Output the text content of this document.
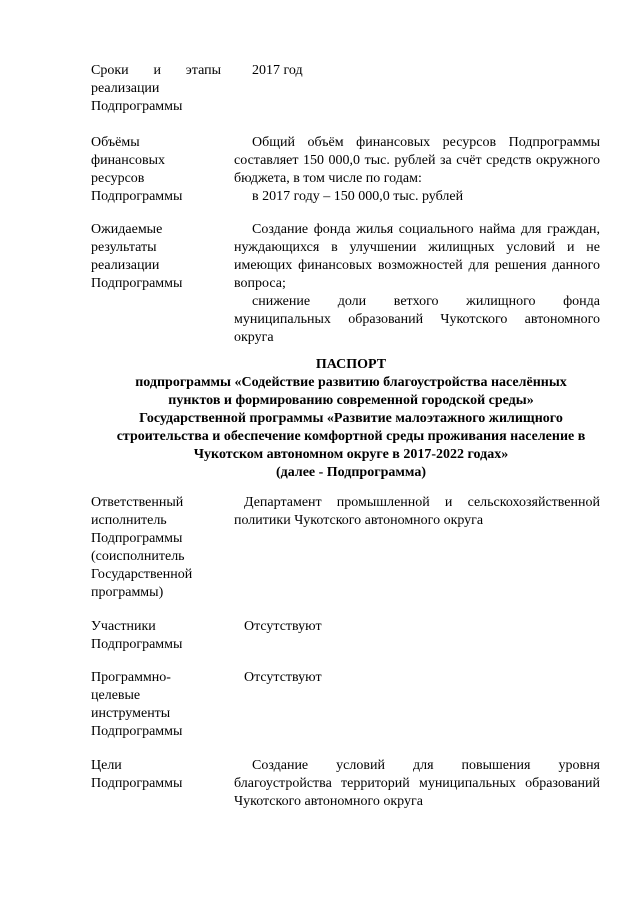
Сроки и этапы
реализации
Подпрограммы

2017 год

Объёмы
финансовых
ресурсов
Подпрограммы

Общий объём финансовых ресурсов Подпрограммы составляет 150 000,0 тыс. рублей за счёт средств окружного бюджета, в том числе по годам:

в 2017 году – 150 000,0 тыс. рублей

Ожидаемые
результаты
реализации
Подпрограммы

Создание фонда жилья социального найма для граждан, нуждающихся в улучшении жилищных условий и не имеющих финансовых возможностей для решения данного вопроса;

снижение доли ветхого жилищного фонда муниципальных образований Чукотского автономного округа

ПАСПОРТ
подпрограммы «Содействие развитию благоустройства населённых
пунктов и формированию современной городской среды»
Государственной программы «Развитие малоэтажного жилищного
строительства и обеспечение комфортной среды проживания население в
Чукотском автономном округе в 2017-2022 годах»
(далее - Подпрограмма)
Ответственный
исполнитель
Подпрограммы
(соисполнитель
Государственной
программы)

Департамент промышленной и сельскохозяйственной политики Чукотского автономного округа

Участники
Подпрограммы

Отсутствуют

Программно-
целевые
инструменты
Подпрограммы

Отсутствуют

Цели
Подпрограммы

Создание условий для повышения уровня благоустройства территорий муниципальных образований Чукотского автономного округа
